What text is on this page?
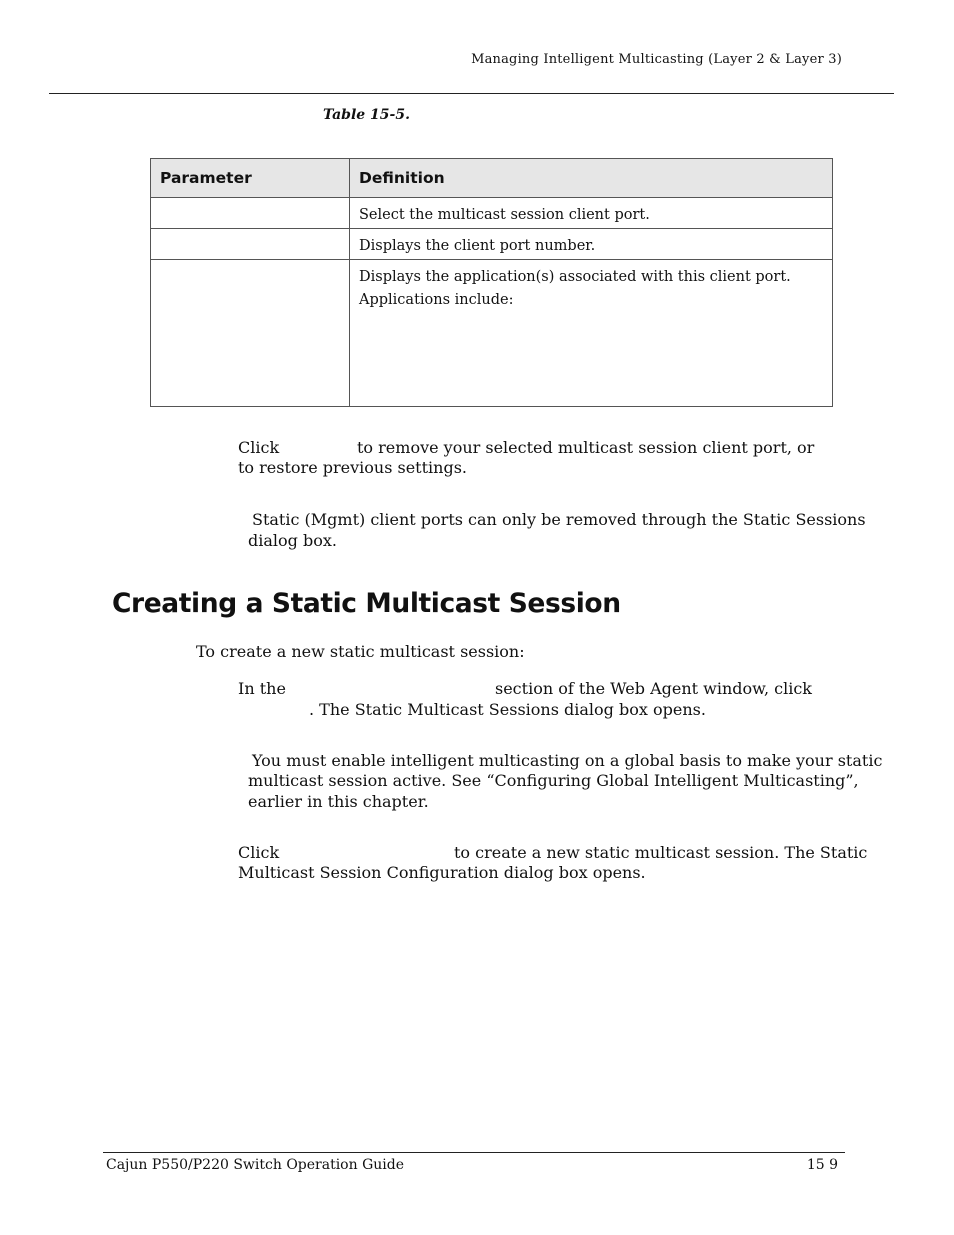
Managing Intelligent Multicasting (Layer 2 & Layer 3)
Table 15-5.
Parameter	Definition

	Select the multicast session client port.

	Displays the client port number.

	Displays the application(s) associated with this client port.
Applications include:
Click	to remove your selected multicast session client port, or
to restore previous settings.
Static (Mgmt) client ports can only be removed through the Static Sessions
dialog box.
Creating a Static Multicast Session
To create a new static multicast session:
In the	section of the Web Agent window, click
. The Static Multicast Sessions dialog box opens.
You must enable intelligent multicasting on a global basis to make your static
multicast session active. See “Configuring Global Intelligent Multicasting”,
earlier in this chapter.
Click	to create a new static multicast session. The Static
Multicast Session Configuration dialog box opens.
Cajun P550/P220 Switch Operation Guide	15 9
